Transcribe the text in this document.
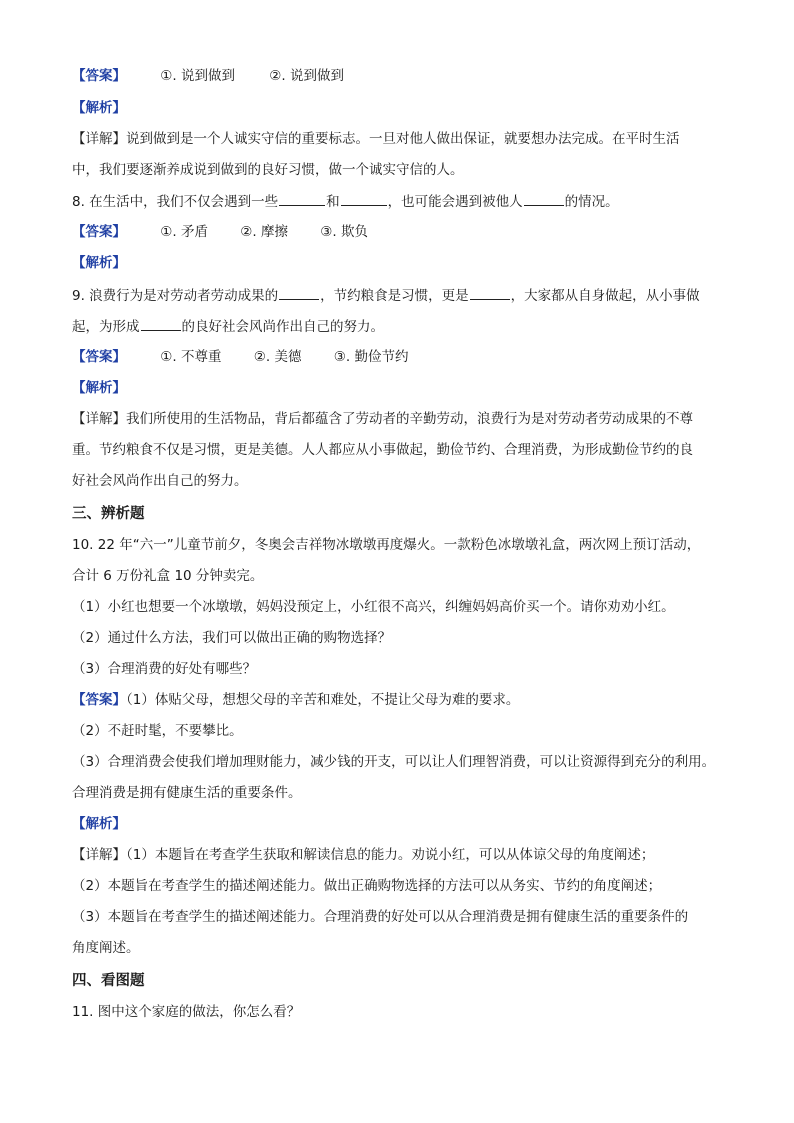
【答案】	①. 说到做到	②. 说到做到
【解析】
【详解】说到做到是一个人诚实守信的重要标志。一旦对他人做出保证，就要想办法完成。在平时生活
中，我们要逐渐养成说到做到的良好习惯，做一个诚实守信的人。
8. 在生活中，我们不仅会遇到一些	和	，也可能会遇到被他人	的情况。
【答案】	①. 矛盾 ②. 摩擦 ③. 欺负
【解析】
9. 浪费行为是对劳动者劳动成果的	，节约粮食是习惯，更是	，大家都从自身做起，从小事做
起，为形成	的良好社会风尚作出自己的努力。
【答案】	①. 不尊重 ②. 美德 ③. 勤俭节约
【解析】
【详解】我们所使用的生活物品，背后都蕴含了劳动者的辛勤劳动，浪费行为是对劳动者劳动成果的不尊
重。节约粮食不仅是习惯，更是美德。人人都应从小事做起，勤俭节约、合理消费，为形成勤俭节约的良
好社会风尚作出自己的努力。
三、辨析题
10. 22 年“六一”儿童节前夕，冬奥会吉祥物冰墩墩再度爆火。一款粉色冰墩墩礼盒，两次网上预订活动，
合计 6 万份礼盒 10 分钟卖完。
（1）小红也想要一个冰墩墩，妈妈没预定上，小红很不高兴，纠缠妈妈高价买一个。请你劝劝小红。
（2）通过什么方法，我们可以做出正确的购物选择？
（3）合理消费的好处有哪些？
【答案】（1）体贴父母，想想父母的辛苦和难处，不提让父母为难的要求。
（2）不赶时髦，不要攀比。
（3）合理消费会使我们增加理财能力，减少钱的开支，可以让人们理智消费，可以让资源得到充分的利用。
合理消费是拥有健康生活的重要条件。
【解析】
【详解】（1）本题旨在考查学生获取和解读信息的能力。劝说小红，可以从体谅父母的角度阐述；
（2）本题旨在考查学生的描述阐述能力。做出正确购物选择的方法可以从务实、节约的角度阐述；
（3）本题旨在考查学生的描述阐述能力。合理消费的好处可以从合理消费是拥有健康生活的重要条件的
角度阐述。
四、看图题
11. 图中这个家庭的做法，你怎么看？
